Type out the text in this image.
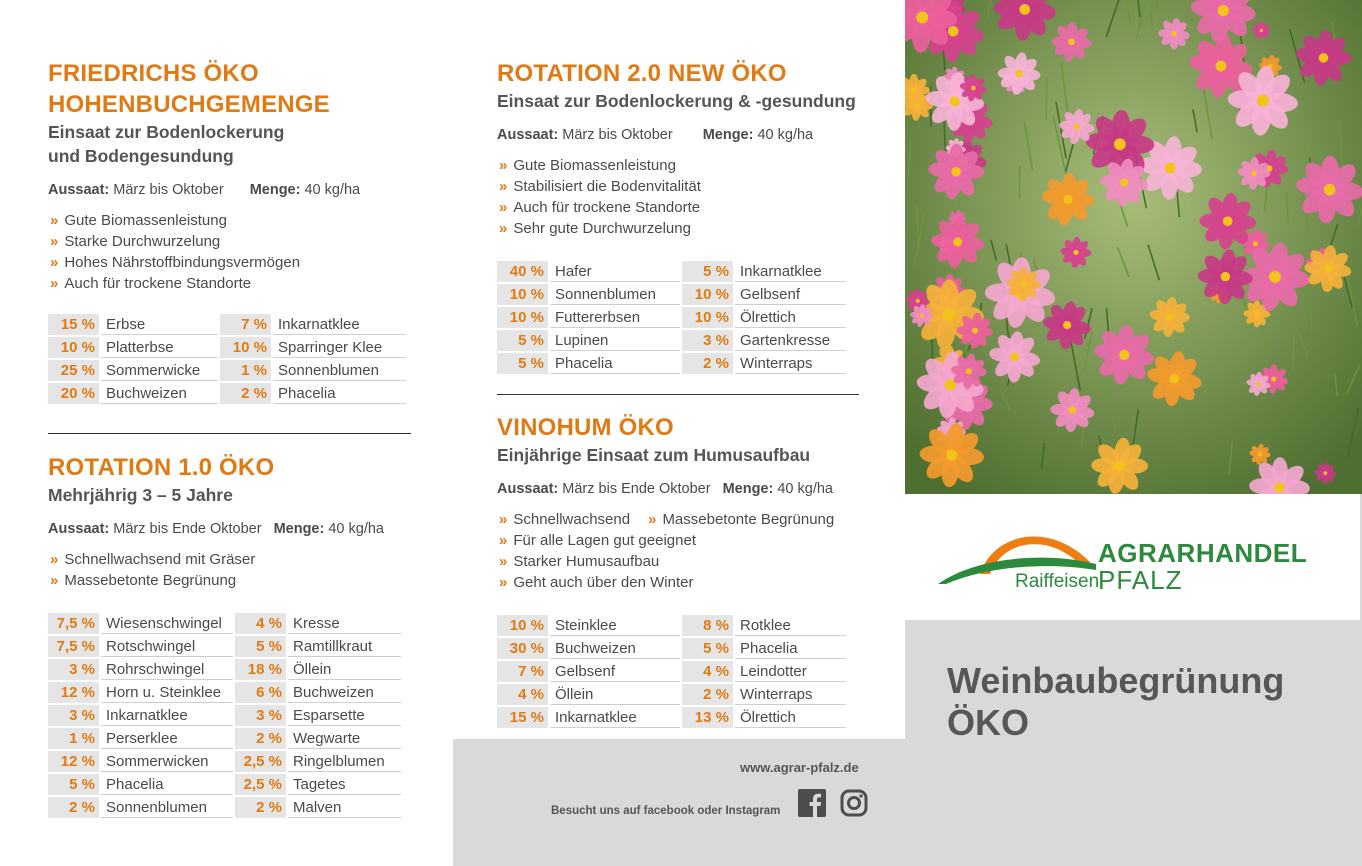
FRIEDRICHS ÖKO
HOHENBUCHGEMENGE
Einsaat zur Bodenlockerung
und Bodengesundung
Aussaat: März bis Oktober Menge: 40 kg/ha
» Gute Biomassenleistung
» Starke Durchwurzelung
» Hohes Nährstoffbindungsvermögen
» Auch für trockene Standorte
15 %	Erbse	7 %	Inkarnatklee
10 %	Platterbse	10 %	Sparringer Klee
25 %	Sommerwicke	1 %	Sonnenblumen
20 %	Buchweizen	2 %	Phacelia
ROTATION 1.0 ÖKO
Mehrjährig 3 – 5 Jahre
Aussaat: März bis Ende Oktober Menge: 40 kg/ha
» Schnellwachsend mit Gräser
» Massebetonte Begrünung
7,5 %	Wiesenschwingel	4 %	Kresse
7,5 %	Rotschwingel	5 %	Ramtillkraut
3 %	Rohrschwingel	18 %	Öllein
12 %	Horn u. Steinklee	6 %	Buchweizen
3 %	Inkarnatklee	3 %	Esparsette
1 %	Perserklee	2 %	Wegwarte
12 %	Sommerwicken	2,5 %	Ringelblumen
5 %	Phacelia	2,5 %	Tagetes
2 %	Sonnenblumen	2 %	Malven
ROTATION 2.0 NEW ÖKO
Einsaat zur Bodenlockerung & -gesundung
Aussaat: März bis Oktober Menge: 40 kg/ha
» Gute Biomassenleistung
» Stabilisiert die Bodenvitalität
» Auch für trockene Standorte
» Sehr gute Durchwurzelung
40 %	Hafer	5 %	Inkarnatklee
10 %	Sonnenblumen	10 %	Gelbsenf
10 %	Futtererbsen	10 %	Ölrettich
5 %	Lupinen	3 %	Gartenkresse
5 %	Phacelia	2 %	Winterraps
VINOHUM ÖKO
Einjährige Einsaat zum Humusaufbau
Aussaat: März bis Ende Oktober Menge: 40 kg/ha
» Schnellwachsend » Massebetonte Begrünung
» Für alle Lagen gut geeignet
» Starker Humusaufbau
» Geht auch über den Winter
10 %	Steinklee	8 %	Rotklee
30 %	Buchweizen	5 %	Phacelia
7 %	Gelbsenf	4 %	Leindotter
4 %	Öllein	2 %	Winterraps
15 %	Inkarnatklee	13 %	Ölrettich
AGRARHANDEL
Raiffeisen
PFALZ
Weinbaubegrünung
ÖKO
www.agrar-pfalz.de
Besucht uns auf facebook oder Instagram
